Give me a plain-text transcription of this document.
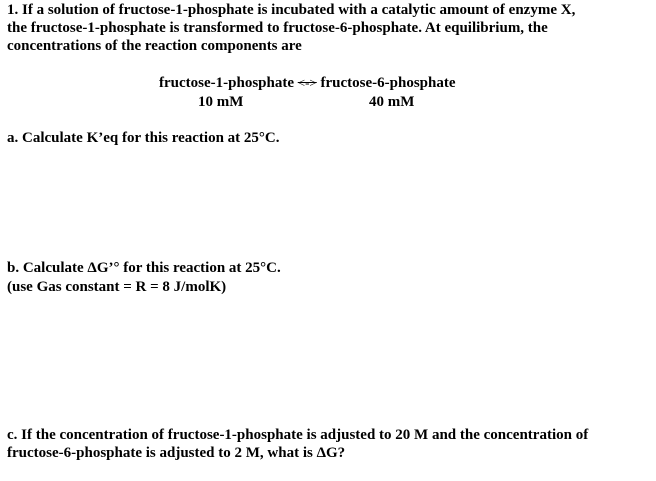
1. If a solution of fructose-1-phosphate is incubated with a catalytic amount of enzyme X,
the fructose-1-phosphate is transformed to fructose-6-phosphate. At equilibrium, the
concentrations of the reaction components are
fructose-1-phosphate <-> fructose-6-phosphate
10 mM	40 mM
a. Calculate K’eq for this reaction at 25°C.
b. Calculate ΔG’° for this reaction at 25°C.
(use Gas constant = R = 8 J/molK)
c. If the concentration of fructose-1-phosphate is adjusted to 20 M and the concentration of
fructose-6-phosphate is adjusted to 2 M, what is ΔG?
